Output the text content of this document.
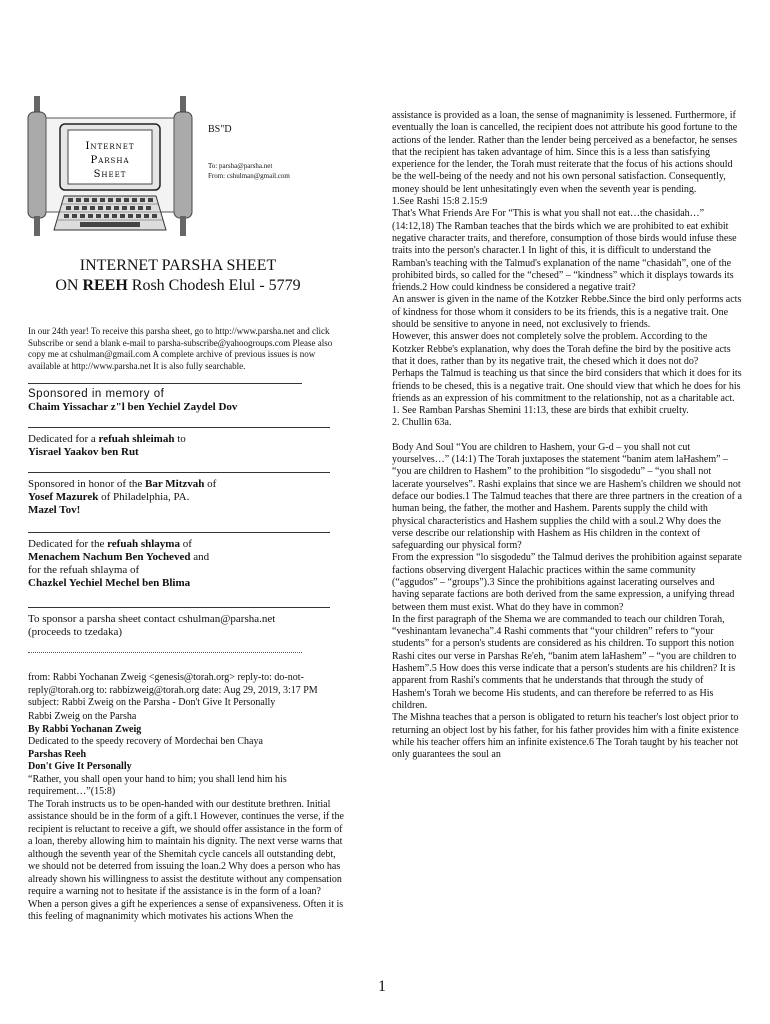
Internet
Parsha
Sheet
BS"D
To: parsha@parsha.net
From: cshulman@gmail.com
INTERNET PARSHA SHEET
ON REEH Rosh Chodesh Elul - 5779
In our 24th year! To receive this parsha sheet, go to http://www.parsha.net and click Subscribe or send a blank e-mail to parsha-subscribe@yahoogroups.com Please also copy me at cshulman@gmail.com A complete archive of previous issues is now available at http://www.parsha.net It is also fully searchable.
Sponsored in memory of
Chaim Yissachar z"l ben Yechiel Zaydel Dov
Dedicated for a refuah shleimah to
Yisrael Yaakov ben Rut
Sponsored in honor of the Bar Mitzvah of
Yosef Mazurek of Philadelphia, PA.
Mazel Tov!
Dedicated for the refuah shlayma of
Menachem Nachum Ben Yocheved and
for the refuah shlayma of
Chazkel Yechiel Mechel ben Blima
To sponsor a parsha sheet contact cshulman@parsha.net
(proceeds to tzedaka)
from: Rabbi Yochanan Zweig <genesis@torah.org> reply-to: do-not-reply@torah.org to: rabbizweig@torah.org date: Aug 29, 2019, 3:17 PM subject: Rabbi Zweig on the Parsha - Don't Give It Personally

Rabbi Zweig on the Parsha

By Rabbi Yochanan Zweig

Dedicated to the speedy recovery of Mordechai ben Chaya

Parshas Reeh

Don't Give It Personally

“Rather, you shall open your hand to him; you shall lend him his requirement…”(15:8)

The Torah instructs us to be open-handed with our destitute brethren. Initial assistance should be in the form of a gift.1 However, continues the verse, if the recipient is reluctant to receive a gift, we should offer assistance in the form of a loan, thereby allowing him to maintain his dignity. The next verse warns that although the seventh year of the Shemitah cycle cancels all outstanding debt, we should not be deterred from issuing the loan.2 Why does a person who has already shown his willingness to assist the destitute without any compensation require a warning not to hesitate if the assistance is in the form of a loan?

When a person gives a gift he experiences a sense of expansiveness. Often it is this feeling of magnanimity which motivates his actions When the

assistance is provided as a loan, the sense of magnanimity is lessened. Furthermore, if eventually the loan is cancelled, the recipient does not attribute his good fortune to the actions of the lender. Rather than the lender being perceived as a benefactor, he senses that the recipient has taken advantage of him. Since this is a less than satisfying experience for the lender, the Torah must reiterate that the focus of his actions should be the well-being of the needy and not his own personal satisfaction. Consequently, money should be lent unhesitatingly even when the seventh year is pending.

1.See Rashi 15:8 2.15:9

That's What Friends Are For “This is what you shall not eat…the chasidah…” (14:12,18) The Ramban teaches that the birds which we are prohibited to eat exhibit negative character traits, and therefore, consumption of those birds would infuse these traits into the person's character.1 In light of this, it is difficult to understand the Ramban's teaching with the Talmud's explanation of the name “chasidah”, one of the prohibited birds, so called for the “chesed” – “kindness” which it displays towards its friends.2 How could kindness be considered a negative trait?

An answer is given in the name of the Kotzker Rebbe.Since the bird only performs acts of kindness for those whom it considers to be its friends, this is a negative trait. One should be sensitive to anyone in need, not exclusively to friends.

However, this answer does not completely solve the problem. According to the Kotzker Rebbe's explanation, why does the Torah define the bird by the positive acts that it does, rather than by its negative trait, the chesed which it does not do?

Perhaps the Talmud is teaching us that since the bird considers that which it does for its friends to be chesed, this is a negative trait. One should view that which he does for his friends as an expression of his commitment to the relationship, not as a charitable act.

1. See Ramban Parshas Shemini 11:13, these are birds that exhibit cruelty.

2. Chullin 63a.

Body And Soul “You are children to Hashem, your G-d – you shall not cut yourselves…” (14:1) The Torah juxtaposes the statement “banim atem laHashem” – “you are children to Hashem” to the prohibition “lo sisgodedu” – “you shall not lacerate yourselves”. Rashi explains that since we are Hashem's children we should not deface our bodies.1 The Talmud teaches that there are three partners in the creation of a human being, the father, the mother and Hashem. Parents supply the child with physical characteristics and Hashem supplies the child with a soul.2 Why does the verse describe our relationship with Hashem as His children in the context of safeguarding our physical form?

From the expression “lo sisgodedu” the Talmud derives the prohibition against separate factions observing divergent Halachic practices within the same community (“aggudos” – “groups”).3 Since the prohibitions against lacerating ourselves and having separate factions are both derived from the same expression, a unifying thread between them must exist. What do they have in common?

In the first paragraph of the Shema we are commanded to teach our children Torah, “veshinantam levanecha”.4 Rashi comments that “your children” refers to “your students” for a person's students are considered as his children. To support this notion Rashi cites our verse in Parshas Re'eh, “banim atem laHashem” – “you are children to Hashem”.5 How does this verse indicate that a person's students are his children? It is apparent from Rashi's comments that he understands that through the study of Hashem's Torah we become His students, and can therefore be referred to as His children.

The Mishna teaches that a person is obligated to return his teacher's lost object prior to returning an object lost by his father, for his father provides him with a finite existence while his teacher offers him an infinite existence.6 The Torah taught by his teacher not only guarantees the soul an

1
